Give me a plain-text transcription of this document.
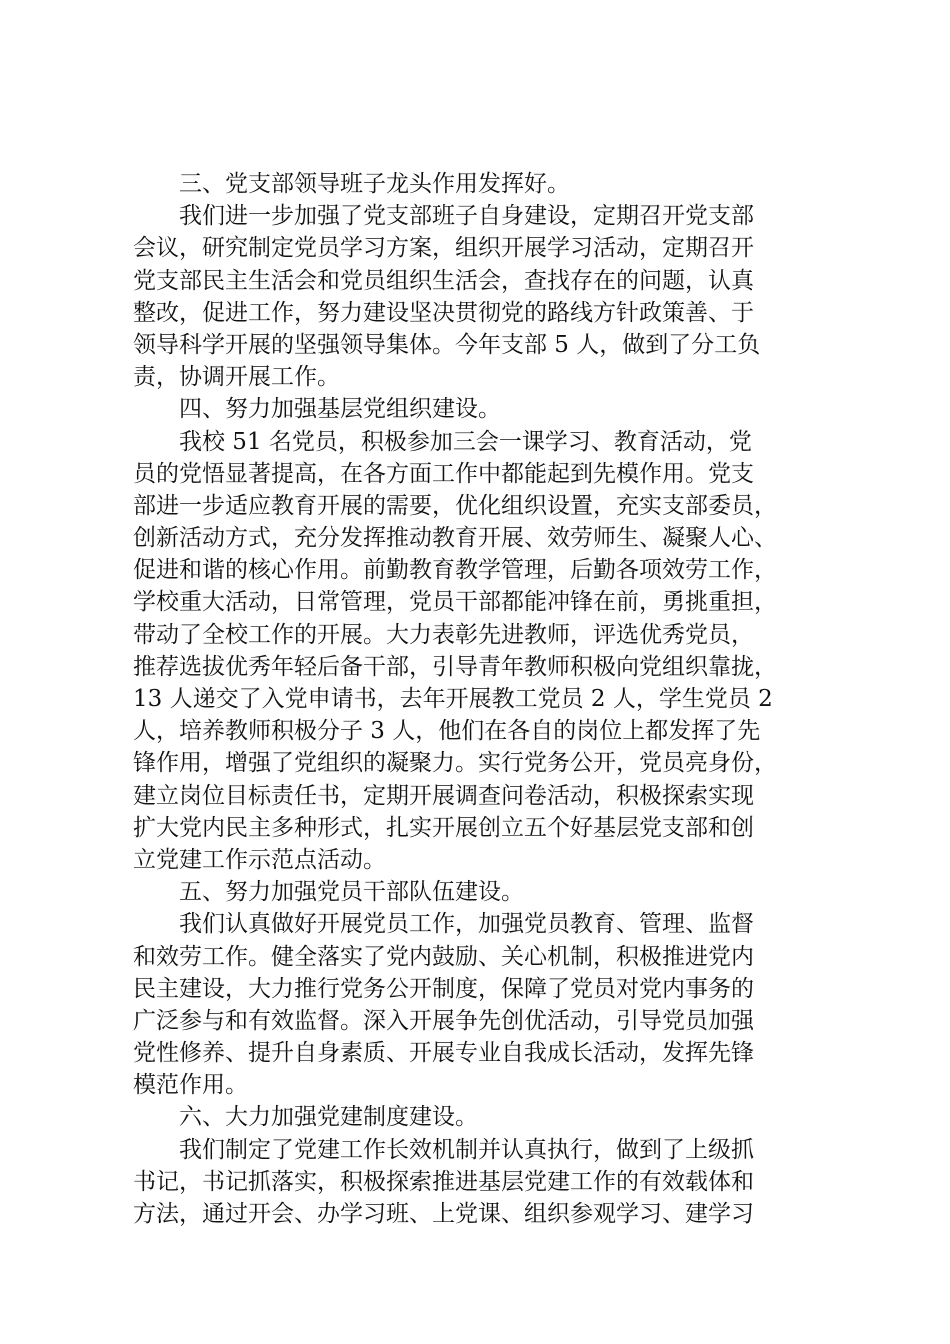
三、党支部领导班子龙头作用发挥好。
我们进一步加强了党支部班子自身建设，定期召开党支部
会议，研究制定党员学习方案，组织开展学习活动，定期召开
党支部民主生活会和党员组织生活会，查找存在的问题，认真
整改，促进工作，努力建设坚决贯彻党的路线方针政策善、于
领导科学开展的坚强领导集体。今年支部 5 人，做到了分工负
责，协调开展工作。
四、努力加强基层党组织建设。
我校 51 名党员，积极参加三会一课学习、教育活动，党
员的党悟显著提高，在各方面工作中都能起到先模作用。党支
部进一步适应教育开展的需要，优化组织设置，充实支部委员，
创新活动方式，充分发挥推动教育开展、效劳师生、凝聚人心、
促进和谐的核心作用。前勤教育教学管理，后勤各项效劳工作，
学校重大活动，日常管理，党员干部都能冲锋在前，勇挑重担，
带动了全校工作的开展。大力表彰先进教师，评选优秀党员，
推荐选拔优秀年轻后备干部，引导青年教师积极向党组织靠拢，
13 人递交了入党申请书，去年开展教工党员 2 人，学生党员 2
人，培养教师积极分子 3 人，他们在各自的岗位上都发挥了先
锋作用，增强了党组织的凝聚力。实行党务公开，党员亮身份，
建立岗位目标责任书，定期开展调查问卷活动，积极探索实现
扩大党内民主多种形式，扎实开展创立五个好基层党支部和创
立党建工作示范点活动。
五、努力加强党员干部队伍建设。
我们认真做好开展党员工作，加强党员教育、管理、监督
和效劳工作。健全落实了党内鼓励、关心机制，积极推进党内
民主建设，大力推行党务公开制度，保障了党员对党内事务的
广泛参与和有效监督。深入开展争先创优活动，引导党员加强
党性修养、提升自身素质、开展专业自我成长活动，发挥先锋
模范作用。
六、大力加强党建制度建设。
我们制定了党建工作长效机制并认真执行，做到了上级抓
书记，书记抓落实，积极探索推进基层党建工作的有效载体和
方法，通过开会、办学习班、上党课、组织参观学习、建学习
